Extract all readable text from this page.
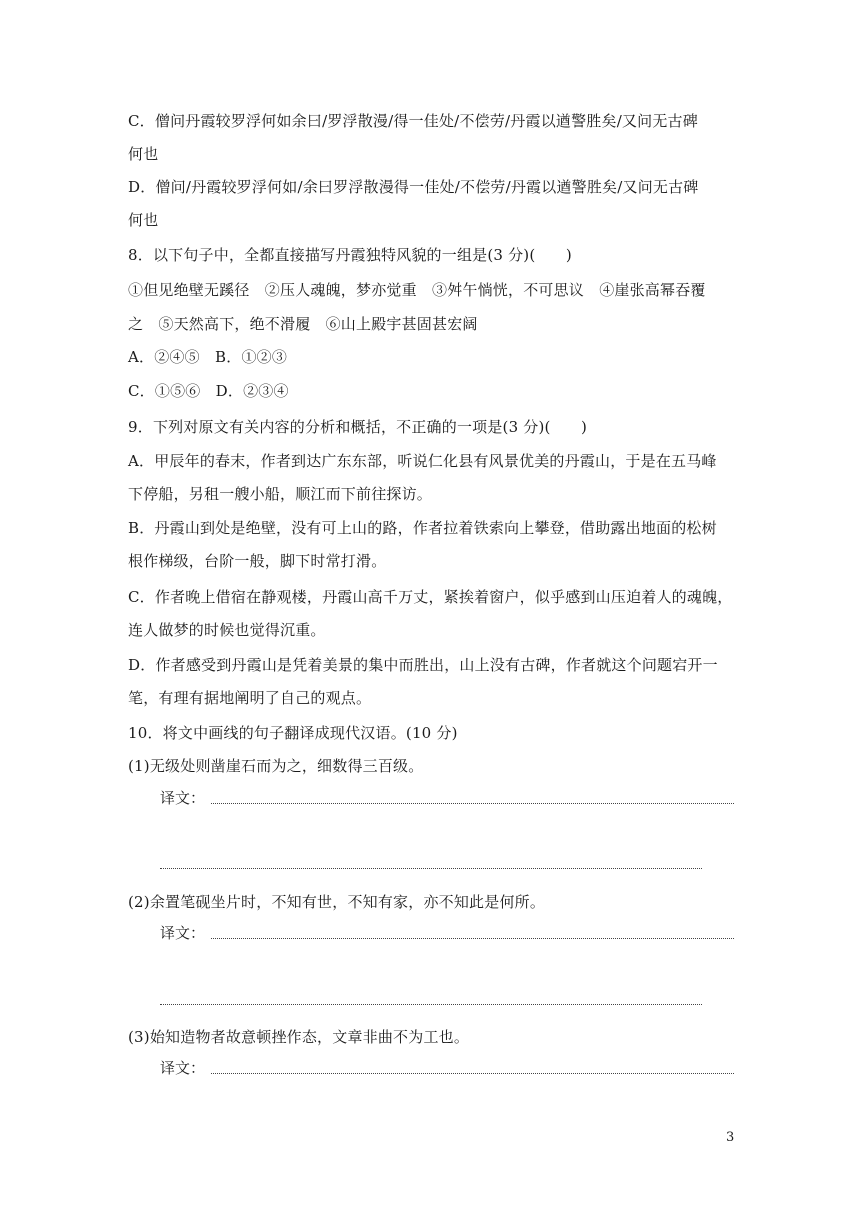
C．僧问丹霞较罗浮何如余曰/罗浮散漫/得一佳处/不偿劳/丹霞以遒警胜矣/又问无古碑
何也
D．僧问/丹霞较罗浮何如/余曰罗浮散漫得一佳处/不偿劳/丹霞以遒警胜矣/又问无古碑
何也
8．以下句子中，全都直接描写丹霞独特风貌的一组是(3 分)(　　)
①但见绝壁无蹊径　②压人魂魄，梦亦觉重　③舛午惝恍，不可思议　④崖张高幂吞覆
之　⑤天然高下，绝不滑履　⑥山上殿宇甚固甚宏阔
A．②④⑤　B．①②③
C．①⑤⑥　D．②③④
9．下列对原文有关内容的分析和概括，不正确的一项是(3 分)(　　)
A．甲辰年的春末，作者到达广东东部，听说仁化县有风景优美的丹霞山，于是在五马峰
下停船，另租一艘小船，顺江而下前往探访。
B．丹霞山到处是绝壁，没有可上山的路，作者拉着铁索向上攀登，借助露出地面的松树
根作梯级，台阶一般，脚下时常打滑。
C．作者晚上借宿在静观楼，丹霞山高千万丈，紧挨着窗户，似乎感到山压迫着人的魂魄，
连人做梦的时候也觉得沉重。
D．作者感受到丹霞山是凭着美景的集中而胜出，山上没有古碑，作者就这个问题宕开一
笔，有理有据地阐明了自己的观点。
10．将文中画线的句子翻译成现代汉语。(10 分)
(1)无级处则凿崖石而为之，细数得三百级。
译文：
(2)余置笔砚坐片时，不知有世，不知有家，亦不知此是何所。
译文：
(3)始知造物者故意顿挫作态，文章非曲不为工也。
译文：
3
